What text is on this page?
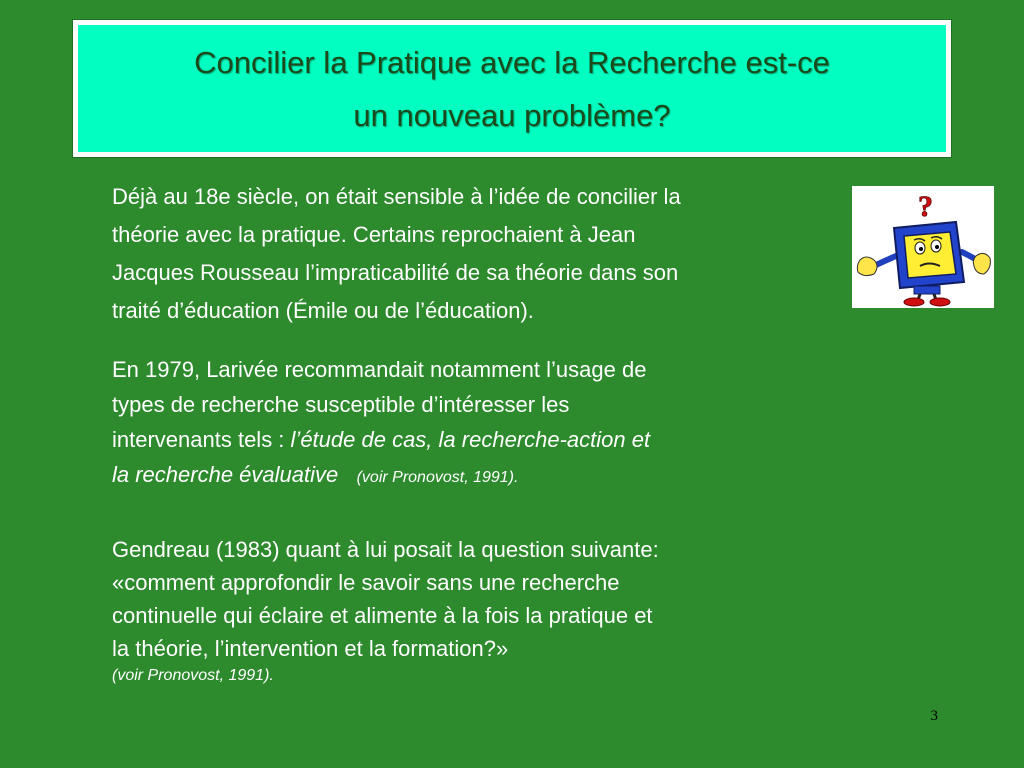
Concilier la Pratique avec la Recherche est-ce
un nouveau problème?
Déjà au 18e siècle, on était sensible à l’idée de concilier la
théorie avec la pratique. Certains reprochaient à Jean
Jacques Rousseau l’impraticabilité de sa théorie dans son
traité d’éducation (Émile ou de l’éducation).
?
En 1979, Larivée recommandait notamment l’usage de
types de recherche susceptible d’intéresser les
intervenants tels : l’étude de cas, la recherche-action et
la recherche évaluative (voir Pronovost, 1991).
Gendreau (1983) quant à lui posait la question suivante:
«comment approfondir le savoir sans une recherche
continuelle qui éclaire et alimente à la fois la pratique et
la théorie, l’intervention et la formation?»
(voir Pronovost, 1991).
3
